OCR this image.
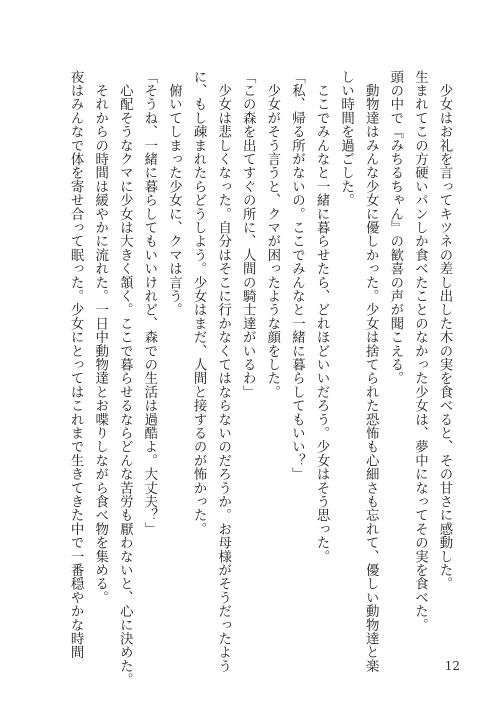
　少女はお礼を言ってキツネの差し出した木の実を食べると、その甘さに感動した。
生まれてこの方硬いパンしか食べたことのなかった少女は、夢中になってその実を食べた。
頭の中で『みちるちゃん』の歓喜の声が聞こえる。
　動物達はみんな少女に優しかった。少女は捨てられた恐怖も心細さも忘れて、優しい動物達と楽
しい時間を過ごした。
　ここでみんなと一緒に暮らせたら、どれほどいいだろう。少女はそう思った。
「私、帰る所がないの。ここでみんなと一緒に暮らしてもいい？」
　少女がそう言うと、クマが困ったような顔をした。
「この森を出てすぐの所に、人間の騎士達がいるわ」
　少女は悲しくなった。自分はそこに行かなくてはならないのだろうか。お母様がそうだったよう
に、もし疎まれたらどうしよう。少女はまだ、人間と接するのが怖かった。
　俯いてしまった少女に、クマは言う。
「そうね、一緒に暮らしてもいいけれど、森での生活は過酷よ。大丈夫？」
　心配そうなクマに少女は大きく頷く。ここで暮らせるならどんな苦労も厭わないと、心に決めた。
　それからの時間は緩やかに流れた。一日中動物達とお喋りしながら食べ物を集める。
夜はみんなで体を寄せ合って眠った。少女にとってはこれまで生きてきた中で一番穏やかな時間
12
